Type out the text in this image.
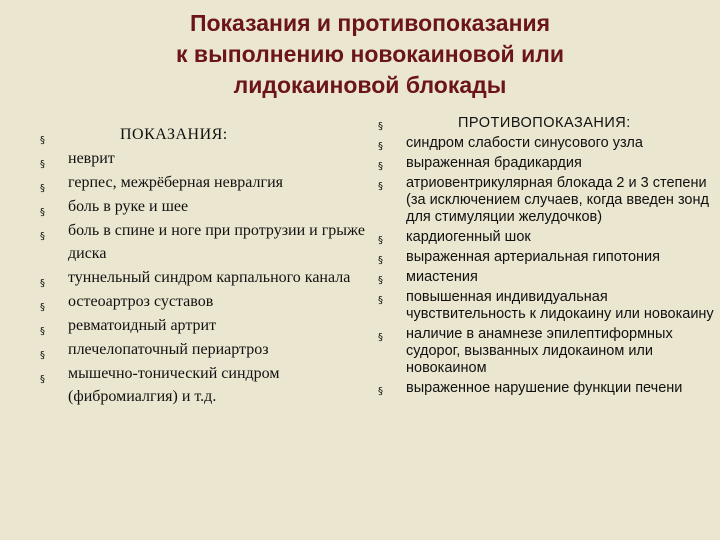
Показания и противопоказания
к выполнению новокаиновой или
лидокаиновой блокады
§	ПОКАЗАНИЯ:
§ неврит
§ герпес, межрёберная невралгия
§ боль в руке и шее
§ боль в спине и ноге при протрузии и грыже диска
§ туннельный синдром карпального канала
§ остеоартроз суставов
§ ревматоидный артрит
§ плечелопаточный периартроз
§ мышечно-тонический синдром (фибромиалгия) и т.д.
§	ПРОТИВОПОКАЗАНИЯ:
§ синдром слабости синусового узла
§ выраженная брадикардия
§ атриовентрикулярная блокада 2 и 3 степени (за исключением случаев, когда введен зонд для стимуляции желудочков)
§ кардиогенный шок
§ выраженная артериальная гипотония
§ миастения
§ повышенная индивидуальная чувствительность к лидокаину или новокаину
§ наличие в анамнезе эпилептиформных судорог, вызванных лидокаином или новокаином
§ выраженное нарушение функции печени
